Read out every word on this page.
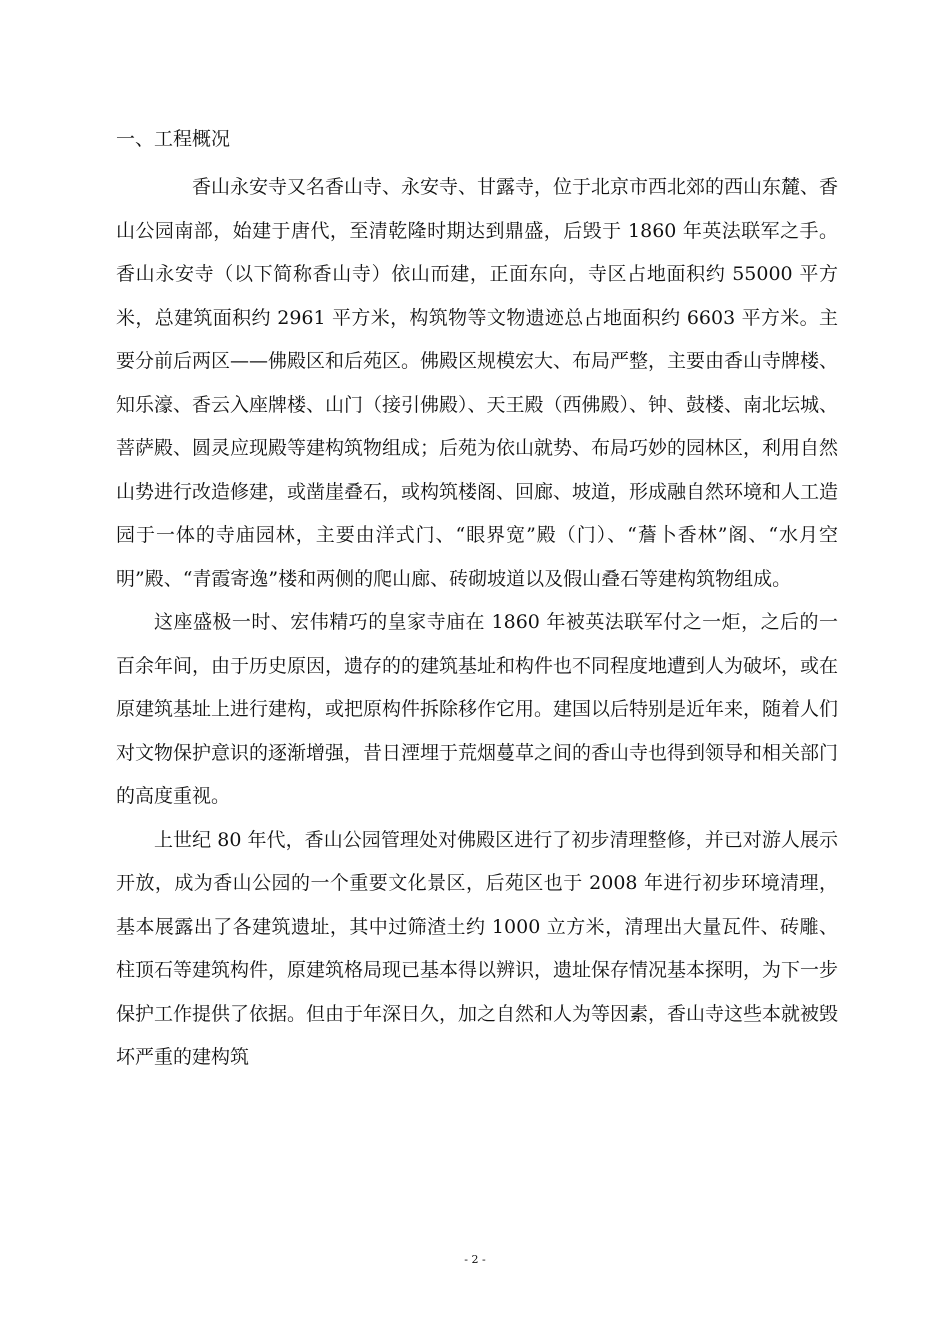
一、工程概况

香山永安寺又名香山寺、永安寺、甘露寺，位于北京市西北郊的西山东麓、香山公园南部，始建于唐代，至清乾隆时期达到鼎盛，后毁于 1860 年英法联军之手。香山永安寺（以下简称香山寺）依山而建，正面东向，寺区占地面积约 55000 平方米，总建筑面积约 2961 平方米，构筑物等文物遗迹总占地面积约 6603 平方米。主要分前后两区——佛殿区和后苑区。佛殿区规模宏大、布局严整，主要由香山寺牌楼、知乐濠、香云入座牌楼、山门（接引佛殿）、天王殿（西佛殿）、钟、鼓楼、南北坛城、菩萨殿、圆灵应现殿等建构筑物组成；后苑为依山就势、布局巧妙的园林区，利用自然山势进行改造修建，或凿崖叠石，或构筑楼阁、回廊、坡道，形成融自然环境和人工造园于一体的寺庙园林，主要由洋式门、“眼界宽”殿（门）、“薝卜香林”阁、“水月空明”殿、“青霞寄逸”楼和两侧的爬山廊、砖砌坡道以及假山叠石等建构筑物组成。

这座盛极一时、宏伟精巧的皇家寺庙在 1860 年被英法联军付之一炬，之后的一百余年间，由于历史原因，遗存的的建筑基址和构件也不同程度地遭到人为破坏，或在原建筑基址上进行建构，或把原构件拆除移作它用。建国以后特别是近年来，随着人们对文物保护意识的逐渐增强，昔日湮埋于荒烟蔓草之间的香山寺也得到领导和相关部门的高度重视。

上世纪 80 年代，香山公园管理处对佛殿区进行了初步清理整修，并已对游人展示开放，成为香山公园的一个重要文化景区，后苑区也于 2008 年进行初步环境清理，基本展露出了各建筑遗址，其中过筛渣土约 1000 立方米，清理出大量瓦件、砖雕、柱顶石等建筑构件，原建筑格局现已基本得以辨识，遗址保存情况基本探明，为下一步保护工作提供了依据。但由于年深日久，加之自然和人为等因素，香山寺这些本就被毁坏严重的建构筑

- 2 -
